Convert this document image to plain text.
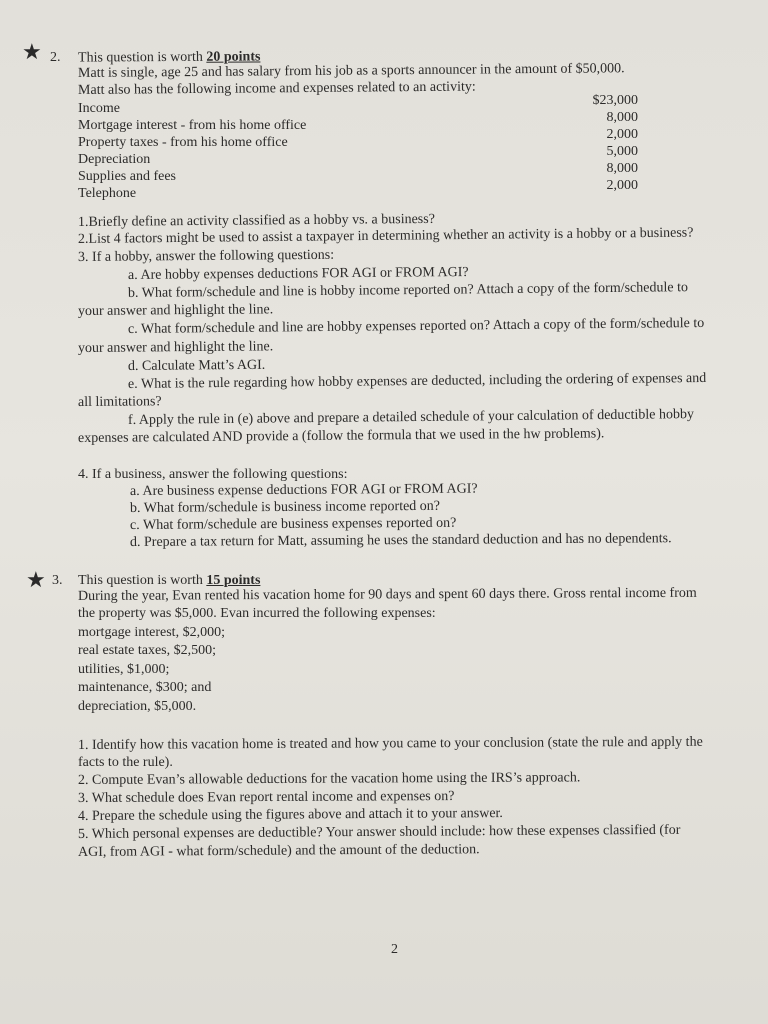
★ 2. This question is worth 20 points
Matt is single, age 25 and has salary from his job as a sports announcer in the amount of $50,000.
Matt also has the following income and expenses related to an activity:
Income
Mortgage interest - from his home office
Property taxes - from his home office
Depreciation
Supplies and fees
Telephone
$23,000
8,000
2,000
5,000
8,000
2,000
1.Briefly define an activity classified as a hobby vs. a business?
2.List 4 factors might be used to assist a taxpayer in determining whether an activity is a hobby or a business?
3. If a hobby, answer the following questions:
a. Are hobby expenses deductions FOR AGI or FROM AGI?
b. What form/schedule and line is hobby income reported on? Attach a copy of the form/schedule to
your answer and highlight the line.
c. What form/schedule and line are hobby expenses reported on? Attach a copy of the form/schedule to
your answer and highlight the line.
d. Calculate Matt’s AGI.
e. What is the rule regarding how hobby expenses are deducted, including the ordering of expenses and
all limitations?
f. Apply the rule in (e) above and prepare a detailed schedule of your calculation of deductible hobby
expenses are calculated AND provide a (follow the formula that we used in the hw problems).
4. If a business, answer the following questions:
a. Are business expense deductions FOR AGI or FROM AGI?
b. What form/schedule is business income reported on?
c. What form/schedule are business expenses reported on?
d. Prepare a tax return for Matt, assuming he uses the standard deduction and has no dependents.
★ 3. This question is worth 15 points
During the year, Evan rented his vacation home for 90 days and spent 60 days there. Gross rental income from
the property was $5,000. Evan incurred the following expenses:
mortgage interest, $2,000;
real estate taxes, $2,500;
utilities, $1,000;
maintenance, $300; and
depreciation, $5,000.
1. Identify how this vacation home is treated and how you came to your conclusion (state the rule and apply the
facts to the rule).
2. Compute Evan’s allowable deductions for the vacation home using the IRS’s approach.
3. What schedule does Evan report rental income and expenses on?
4. Prepare the schedule using the figures above and attach it to your answer.
5. Which personal expenses are deductible? Your answer should include: how these expenses classified (for
AGI, from AGI - what form/schedule) and the amount of the deduction.
2
